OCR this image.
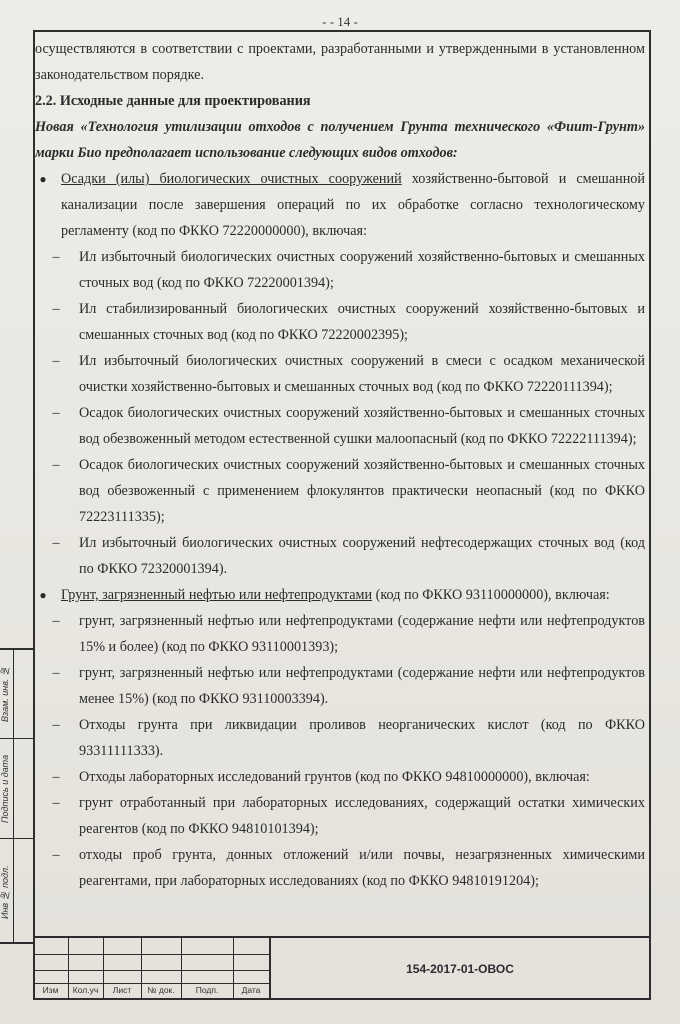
- - 14 -
Взам. инв. №
Подпись и дата
Инв № подл.

осуществляются в соответствии с проектами, разработанными и утвержденными в установленном законодательством порядке.

2.2. Исходные данные для проектирования

Новая «Технология утилизации отходов с получением Грунта технического «Фиит-Грунт» марки Био предполагает использование следующих видов отходов:

●	Осадки (илы) биологических очистных сооружений хозяйственно-бытовой и смешанной канализации после завершения операций по их обработке согласно технологическому регламенту (код по ФККО 72220000000), включая:
– Ил избыточный биологических очистных сооружений хозяйственно-бытовых и смешанных сточных вод (код по ФККО 72220001394);
– Ил стабилизированный биологических очистных сооружений хозяйственно-бытовых и смешанных сточных вод (код по ФККО 72220002395);
– Ил избыточный биологических очистных сооружений в смеси с осадком механической очистки хозяйственно-бытовых и смешанных сточных вод (код по ФККО 72220111394);
– Осадок биологических очистных сооружений хозяйственно-бытовых и смешанных сточных вод обезвоженный методом естественной сушки малоопасный (код по ФККО 72222111394);
– Осадок биологических очистных сооружений хозяйственно-бытовых и смешанных сточных вод обезвоженный с применением флокулянтов практически неопасный (код по ФККО 72223111335);
– Ил избыточный биологических очистных сооружений нефтесодержащих сточных вод (код по ФККО 72320001394).
●	Грунт, загрязненный нефтью или нефтепродуктами (код по ФККО 93110000000), включая:
– грунт, загрязненный нефтью или нефтепродуктами (содержание нефти или нефтепродуктов 15% и более) (код по ФККО 93110001393);
– грунт, загрязненный нефтью или нефтепродуктами (содержание нефти или нефтепродуктов менее 15%) (код по ФККО 93110003394).
– Отходы грунта при ликвидации проливов неорганических кислот (код по ФККО 93311111333).
– Отходы лабораторных исследований грунтов (код по ФККО 94810000000), включая:
– грунт отработанный при лабораторных исследованиях, содержащий остатки химических реагентов (код по ФККО 94810101394);
– отходы проб грунта, донных отложений и/или почвы, незагрязненных химическими реагентами, при лабораторных исследованиях (код по ФККО 94810191204);
Изм	Кол.уч	Лист	№ док.	Подп.	Дата
154-2017-01-ОВОС
